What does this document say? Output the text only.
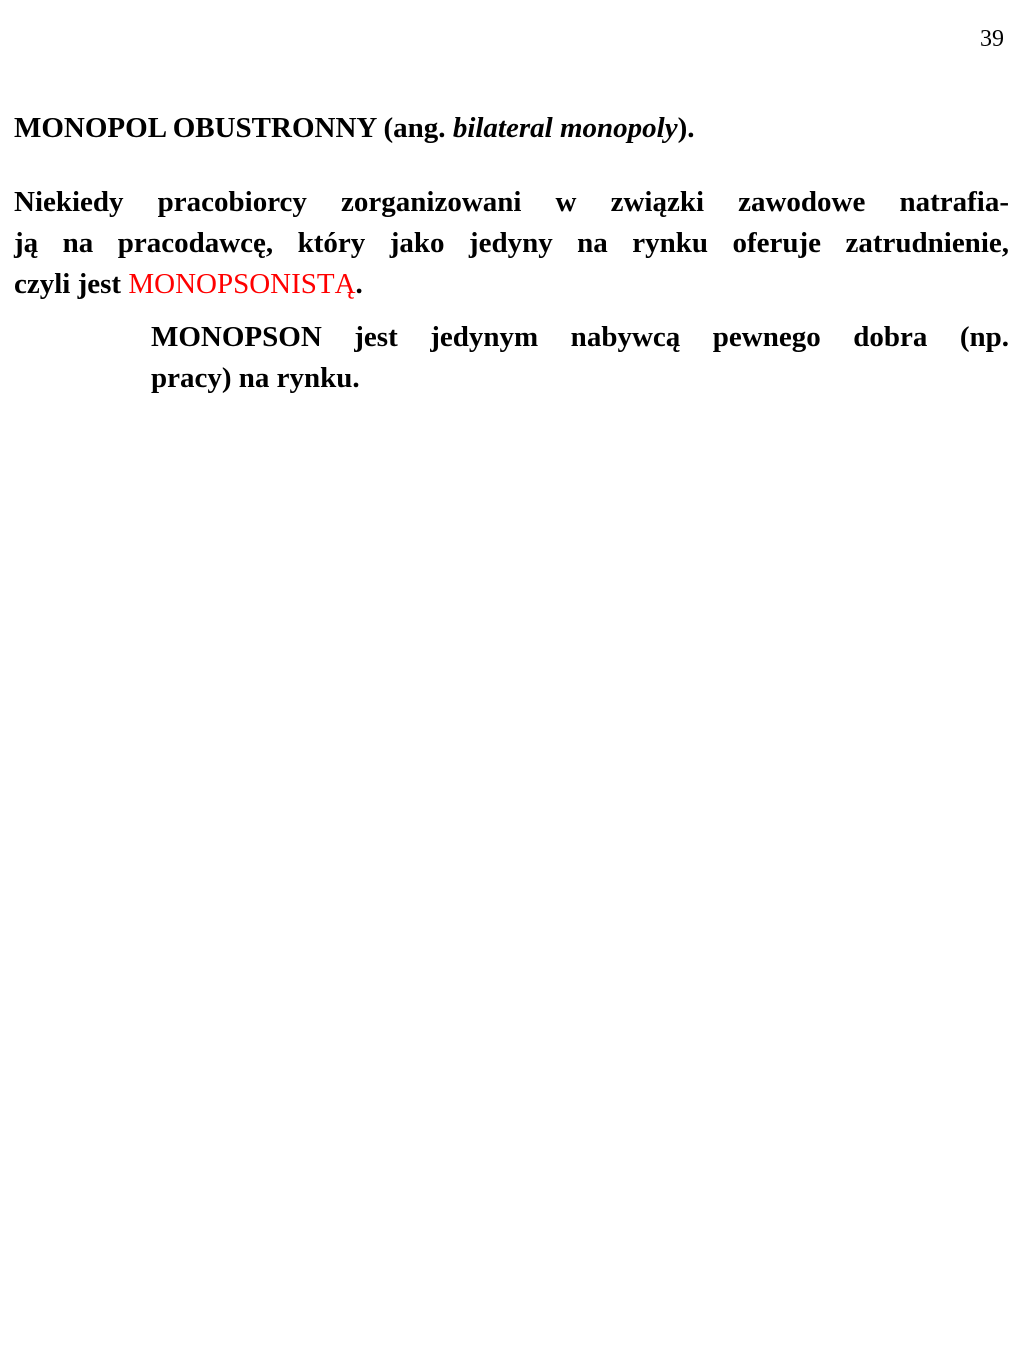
39
MONOPOL OBUSTRONNY (ang. bilateral monopoly).

Niekiedy pracobiorcy zorganizowani w związki zawodowe natrafia-
ją na pracodawcę, który jako jedyny na rynku oferuje zatrudnienie,
czyli jest MONOPSONISTĄ.

MONOPSON jest jedynym nabywcą pewnego dobra (np.
pracy) na rynku.
